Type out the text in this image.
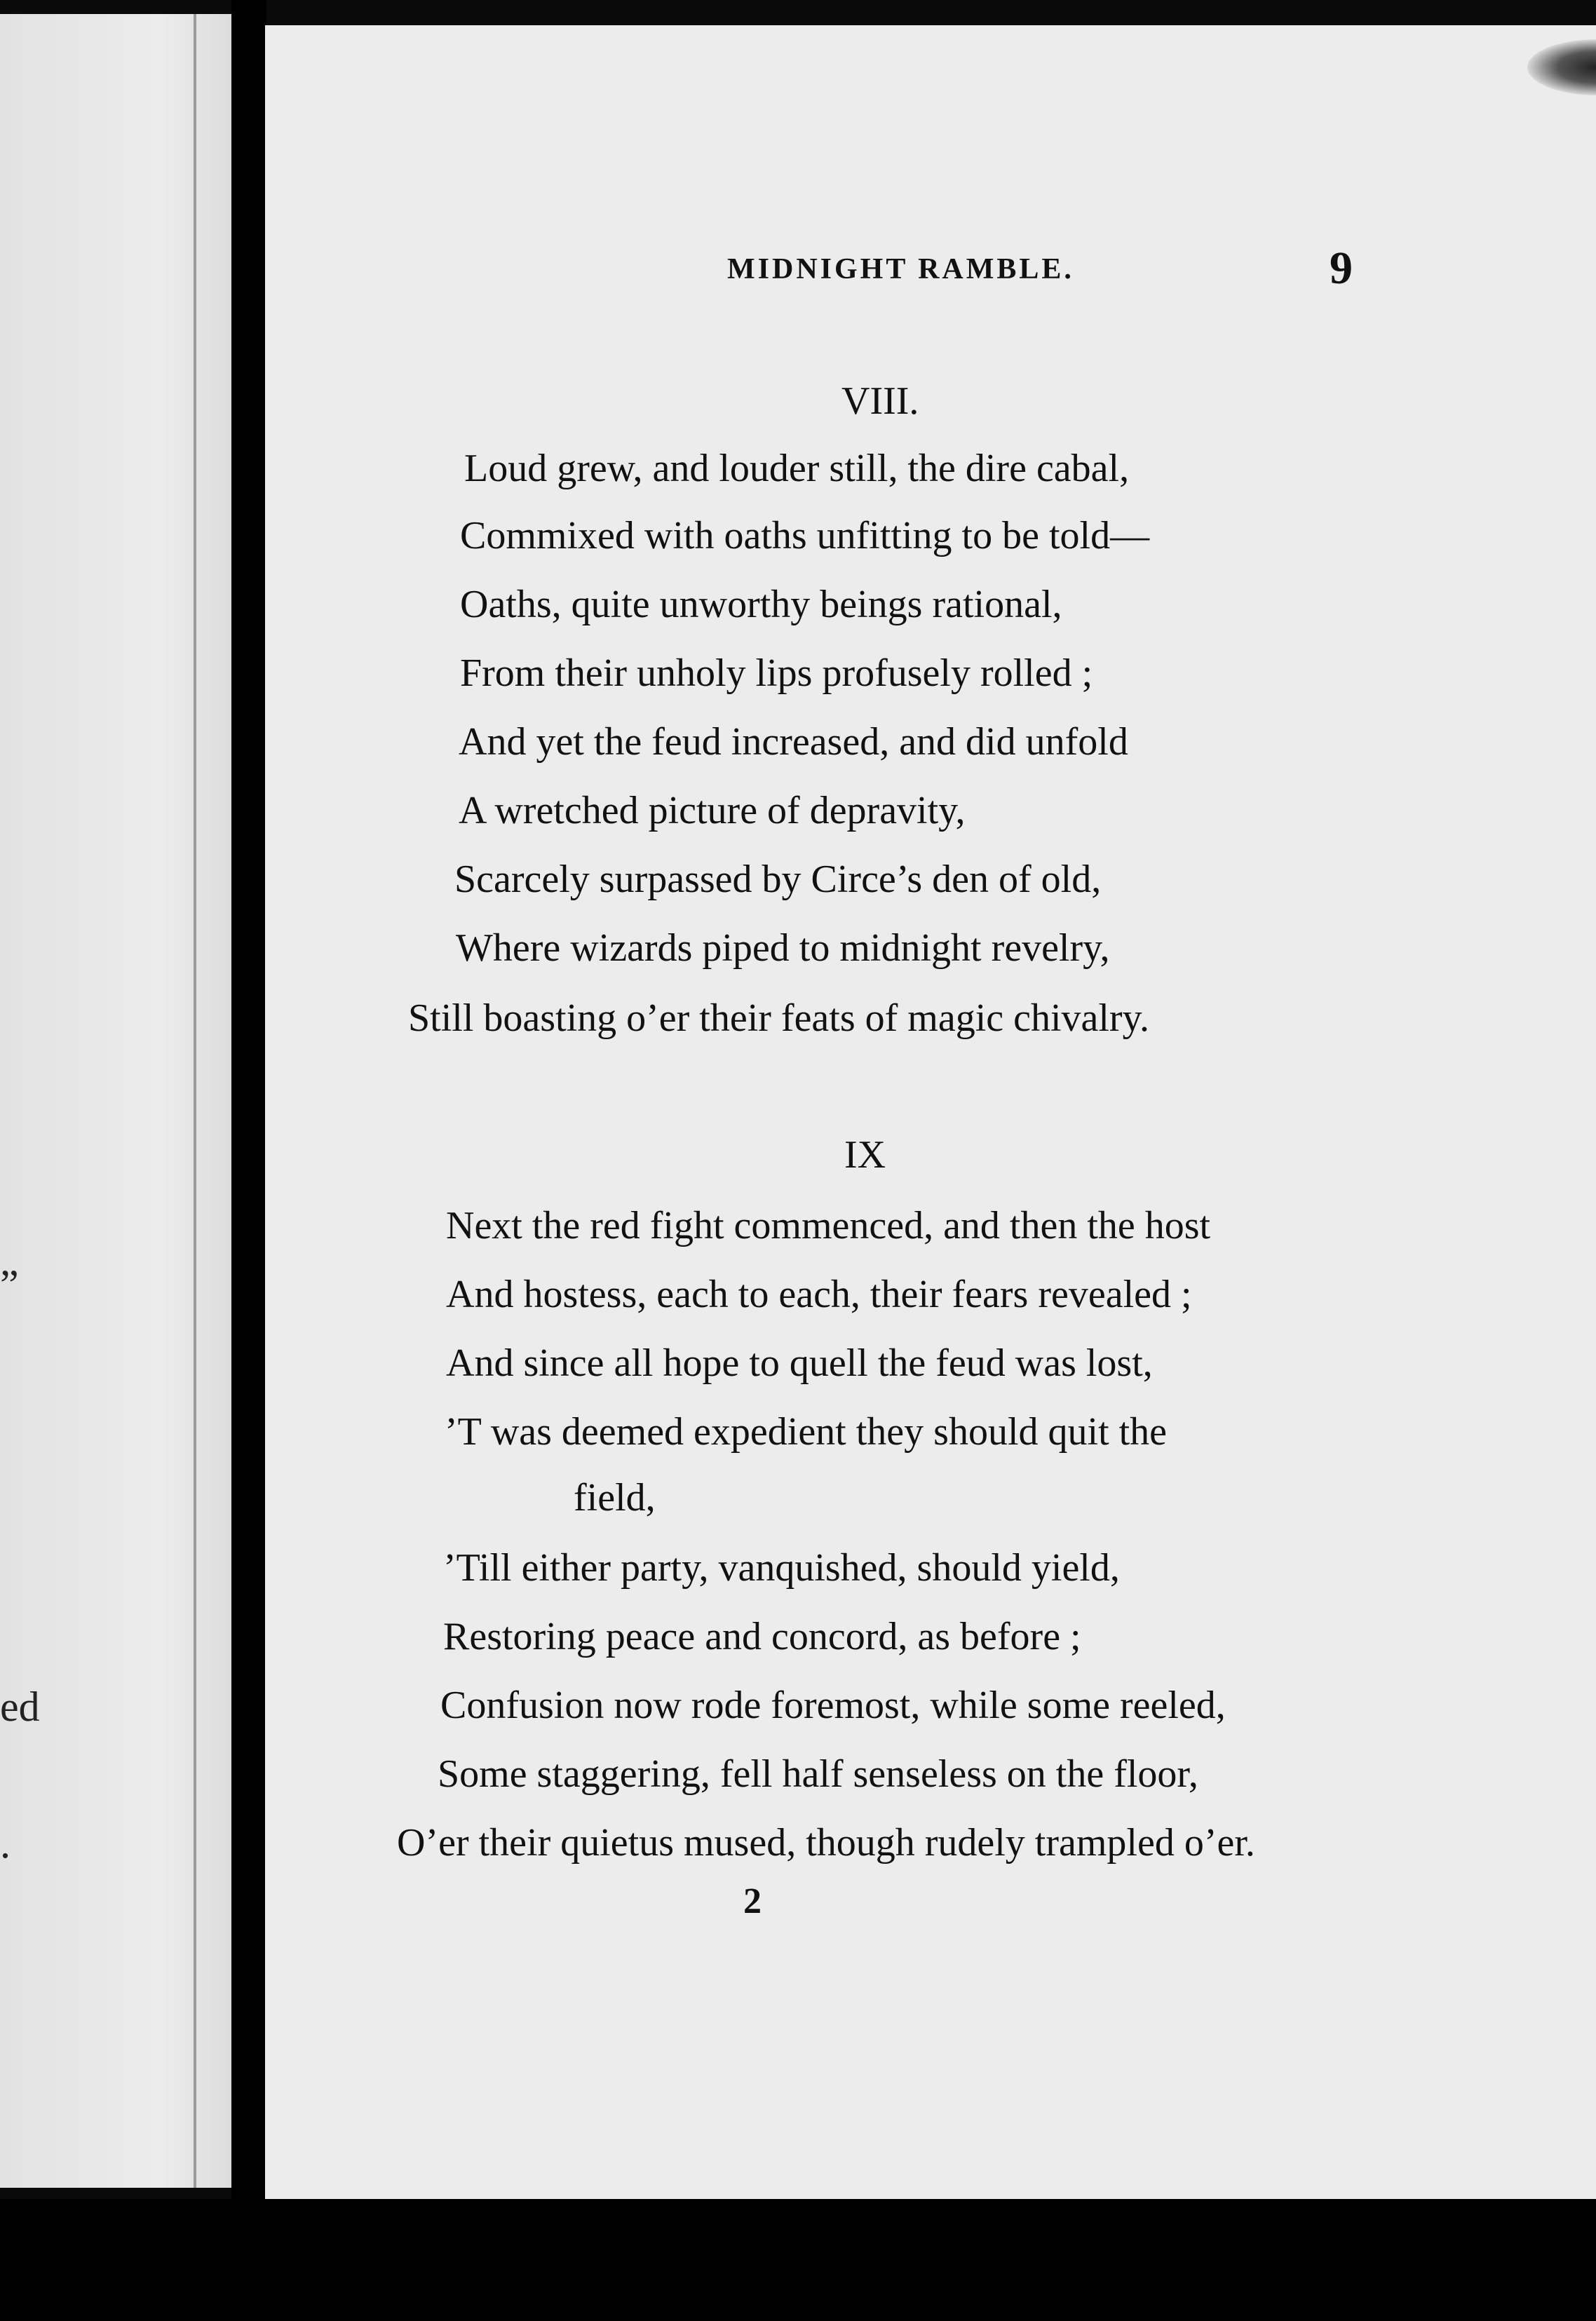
”
ed
.
MIDNIGHT RAMBLE.	9
VIII.
Loud grew, and louder still, the dire cabal,
Commixed with oaths unfitting to be told—
Oaths, quite unworthy beings rational,
From their unholy lips profusely rolled ;
And yet the feud increased, and did unfold
A wretched picture of depravity,
Scarcely surpassed by Circe’s den of old,
Where wizards piped to midnight revelry,
Still boasting o’er their feats of magic chivalry.
IX
Next the red fight commenced, and then the host
And hostess, each to each, their fears revealed ;
And since all hope to quell the feud was lost,
’T was deemed expedient they should quit the
field,
’Till either party, vanquished, should yield,
Restoring peace and concord, as before ;
Confusion now rode foremost, while some reeled,
Some staggering, fell half senseless on the floor,
O’er their quietus mused, though rudely trampled o’er.
2
